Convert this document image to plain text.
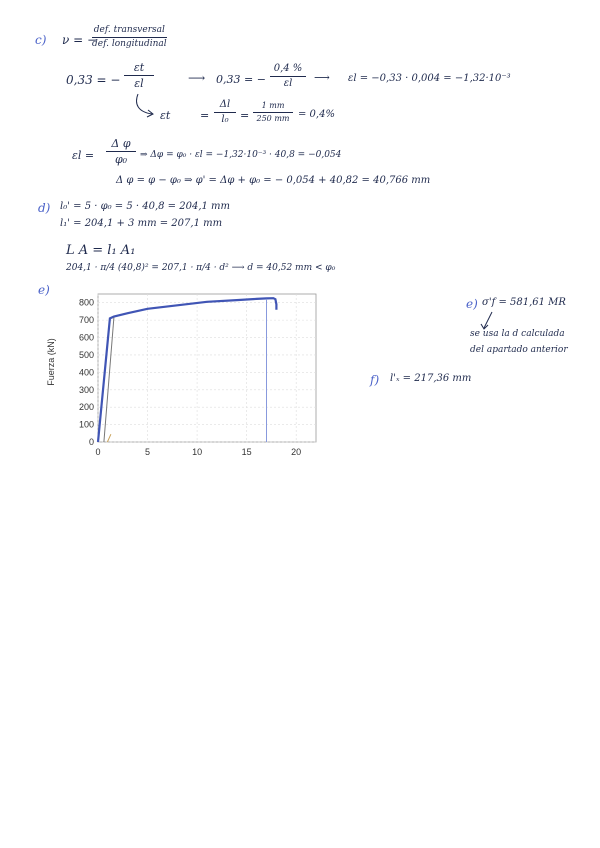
c) ν = −
def. transversal
def. longitudinal
0,33 = −
εt
εl	⟶ 0,33 = −
0,4 %
εl ⟶ εl = −0,33 · 0,004 = −1,32·10⁻³
εt	=
Δl
l₀ =
1 mm
250 mm = 0,4%
εl =
Δ φ
φ₀ ⇒ Δφ = φ₀ · εl = −1,32·10⁻³ · 40,8 = −0,054
Δ φ = φ − φ₀ ⇒ φ' = Δφ + φ₀ = − 0,054 + 40,82 = 40,766 mm
d) l₀' = 5 · φ₀ = 5 · 40,8 = 204,1 mm
l₁' = 204,1 + 3 mm = 207,1 mm
L A = l₁ A₁
204,1 · π/4 (40,8)² = 207,1 · π/4 · d² ⟶ d = 40,52 mm < φ₀
e)
0
100
200
300
400
500
600
700
800
0	5	10	15	20
Fuerza (kN)
e) σ'f = 581,61 MR
se usa la d calculada
del apartado anterior
f) l'ₓ = 217,36 mm
